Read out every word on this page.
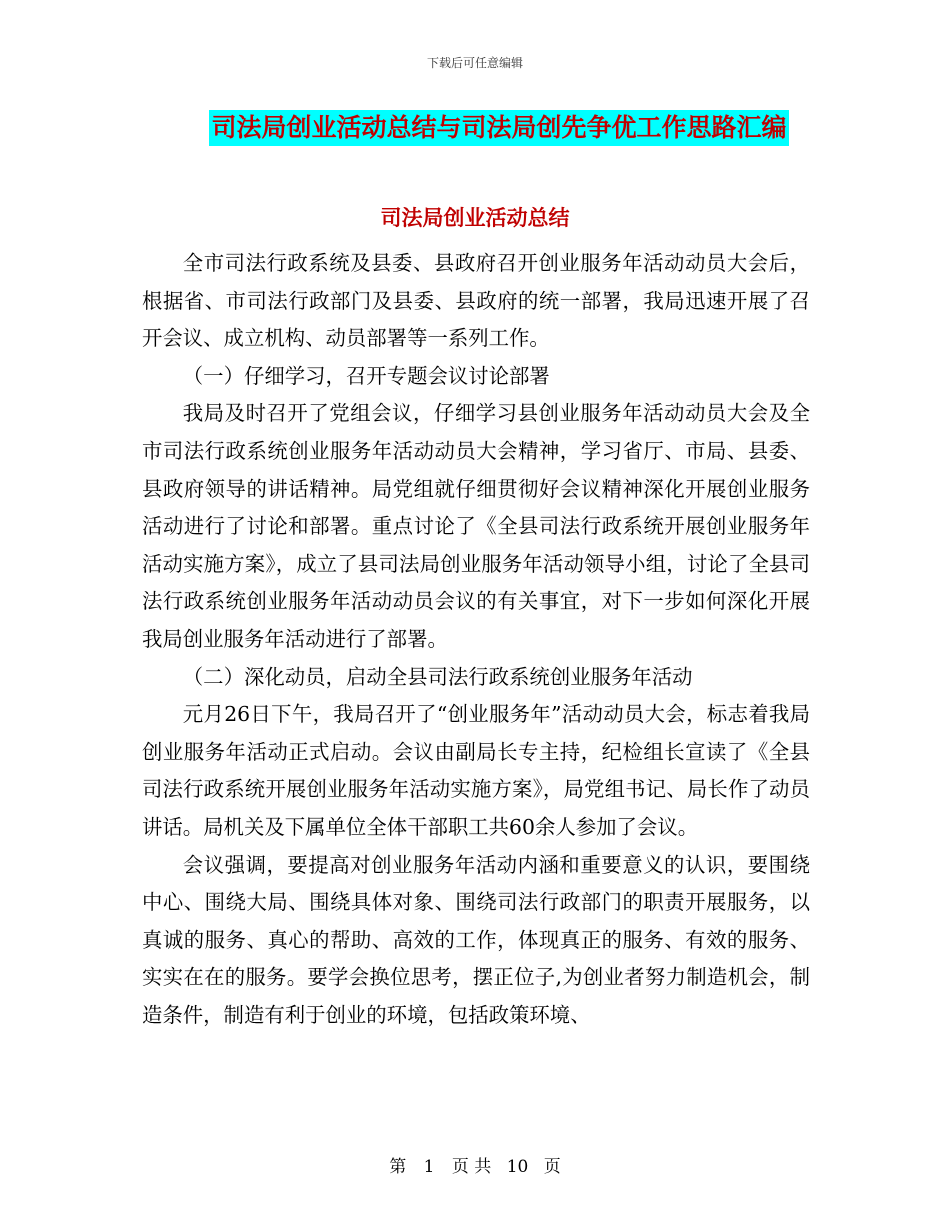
下载后可任意编辑
司法局创业活动总结与司法局创先争优工作思路汇编
司法局创业活动总结

全市司法行政系统及县委、县政府召开创业服务年活动动员大会后，根据省、市司法行政部门及县委、县政府的统一部署，我局迅速开展了召开会议、成立机构、动员部署等一系列工作。

（一）仔细学习，召开专题会议讨论部署

我局及时召开了党组会议，仔细学习县创业服务年活动动员大会及全市司法行政系统创业服务年活动动员大会精神，学习省厅、市局、县委、县政府领导的讲话精神。局党组就仔细贯彻好会议精神深化开展创业服务活动进行了讨论和部署。重点讨论了《全县司法行政系统开展创业服务年活动实施方案》，成立了县司法局创业服务年活动领导小组，讨论了全县司法行政系统创业服务年活动动员会议的有关事宜，对下一步如何深化开展我局创业服务年活动进行了部署。

（二）深化动员，启动全县司法行政系统创业服务年活动

元月26日下午，我局召开了“创业服务年”活动动员大会，标志着我局创业服务年活动正式启动。会议由副局长专主持，纪检组长宣读了《全县司法行政系统开展创业服务年活动实施方案》，局党组书记、局长作了动员讲话。局机关及下属单位全体干部职工共60余人参加了会议。

会议强调，要提高对创业服务年活动内涵和重要意义的认识，要围绕中心、围绕大局、围绕具体对象、围绕司法行政部门的职责开展服务，以真诚的服务、真心的帮助、高效的工作，体现真正的服务、有效的服务、实实在在的服务。要学会换位思考，摆正位子,为创业者努力制造机会，制造条件，制造有利于创业的环境，包括政策环境、

第 1 页 共 10 页
